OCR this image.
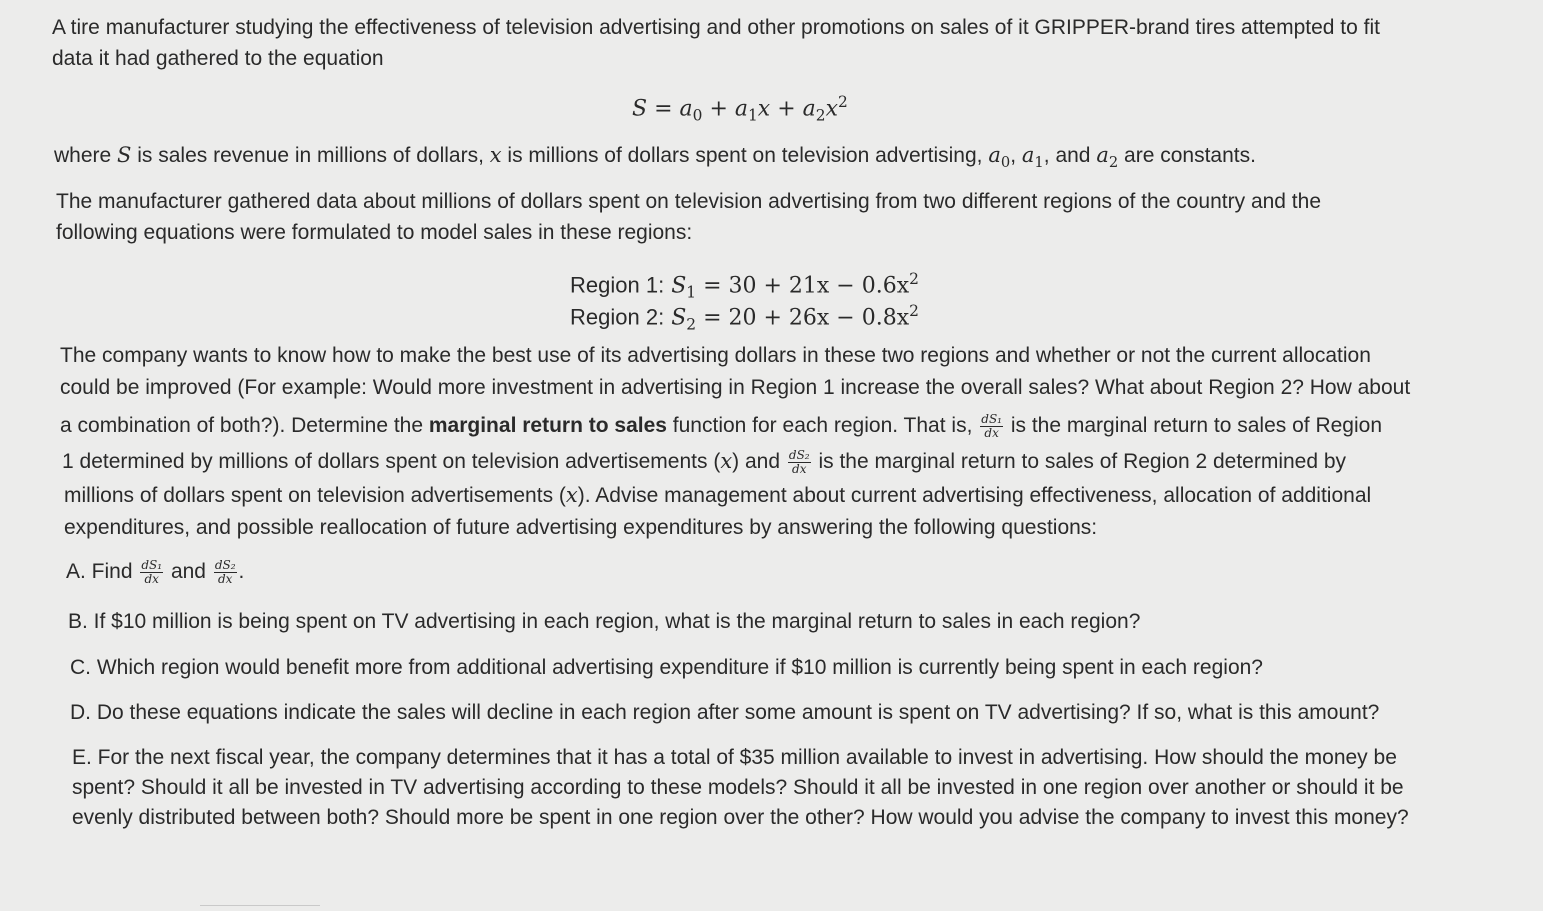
A tire manufacturer studying the effectiveness of television advertising and other promotions on sales of it GRIPPER-brand tires attempted to fit

data it had gathered to the equation

$S = a_0 + a_1x + a_2x^2$

where S is sales revenue in millions of dollars, x is millions of dollars spent on television advertising, $a_0$, $a_1$, and $a_2$ are constants.

The manufacturer gathered data about millions of dollars spent on television advertising from two different regions of the country and the

following equations were formulated to model sales in these regions:

Region 1: $S_1 = 30 + 21x - 0.6x^2$
Region 2: $S_2 = 20 + 26x - 0.8x^2$

The company wants to know how to make the best use of its advertising dollars in these two regions and whether or not the current allocation

could be improved (For example: Would more investment in advertising in Region 1 increase the overall sales? What about Region 2? How about

a combination of both?). Determine the marginal return to sales function for each region. That is, $\frac{\text{dS₁}}{dx}$ is the marginal return to sales of Region

1 determined by millions of dollars spent on television advertisements (x) and $\frac{\text{dS₂}}{dx}$ is the marginal return to sales of Region 2 determined by

millions of dollars spent on television advertisements (x). Advise management about current advertising effectiveness, allocation of additional

expenditures, and possible reallocation of future advertising expenditures by answering the following questions:

A. Find $\frac{\text{dS₁}}{dx}$ and $\frac{\text{dS₂}}{dx}$ .

B. If $10 million is being spent on TV advertising in each region, what is the marginal return to sales in each region?

C. Which region would benefit more from additional advertising expenditure if $10 million is currently being spent in each region?

D. Do these equations indicate the sales will decline in each region after some amount is spent on TV advertising? If so, what is this amount?

E. For the next fiscal year, the company determines that it has a total of $35 million available to invest in advertising. How should the money be

spent? Should it all be invested in TV advertising according to these models? Should it all be invested in one region over another or should it be

evenly distributed between both? Should more be spent in one region over the other? How would you advise the company to invest this money?
